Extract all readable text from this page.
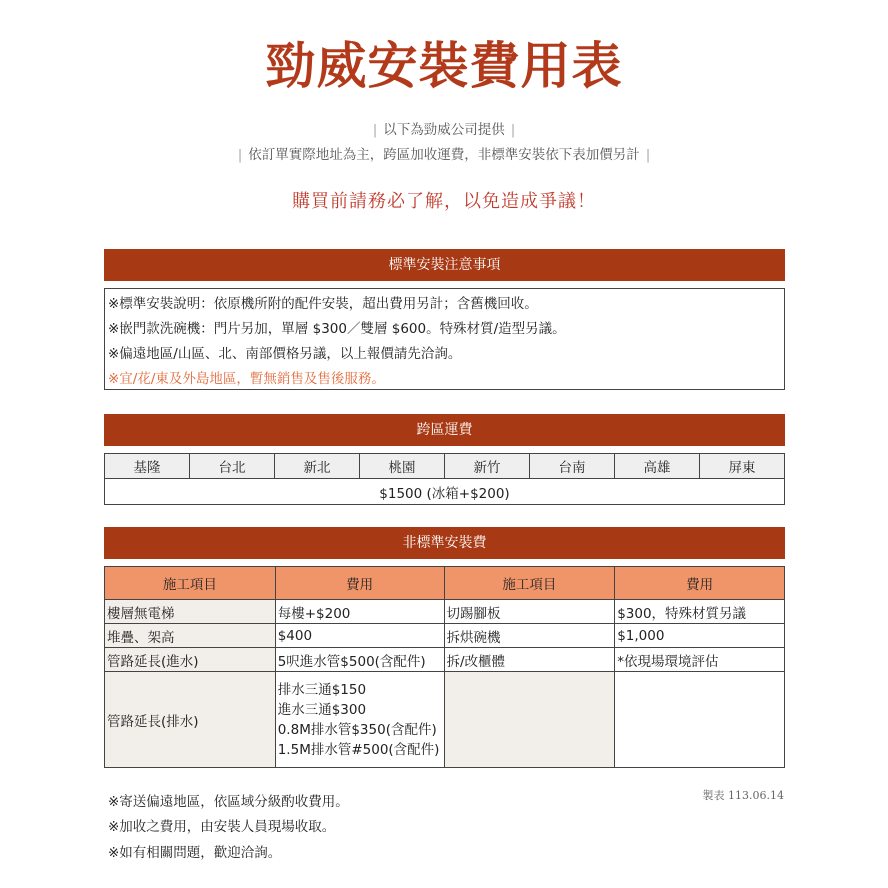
勁威安裝費用表
| 以下為勁威公司提供 |
| 依訂單實際地址為主，跨區加收運費，非標準安裝依下表加價另計 |
購買前請務必了解，以免造成爭議！
標準安裝注意事項
※標準安裝說明：依原機所附的配件安裝，超出費用另計；含舊機回收。
※嵌門款洗碗機：門片另加，單層 $300／雙層 $600。特殊材質/造型另議。
※偏遠地區/山區、北、南部價格另議，以上報價請先洽詢。
※宜/花/東及外島地區，暫無銷售及售後服務。
跨區運費
基隆	台北	新北	桃園	新竹	台南	高雄	屏東
$1500 (冰箱+$200)
非標準安裝費
施工項目	費用	施工項目	費用
樓層無電梯	每樓+$200	切踢腳板	$300，特殊材質另議
堆疊、架高	$400	拆烘碗機	$1,000
管路延長(進水)	5呎進水管$500(含配件)	拆/改櫃體	*依現場環境評估
管路延長(排水)	排水三通$150
進水三通$300
0.8M排水管$350(含配件)
1.5M排水管#500(含配件)		

※寄送偏遠地區，依區域分級酌收費用。
※加收之費用，由安裝人員現場收取。
※如有相關問題，歡迎洽詢。
製表 113.06.14
